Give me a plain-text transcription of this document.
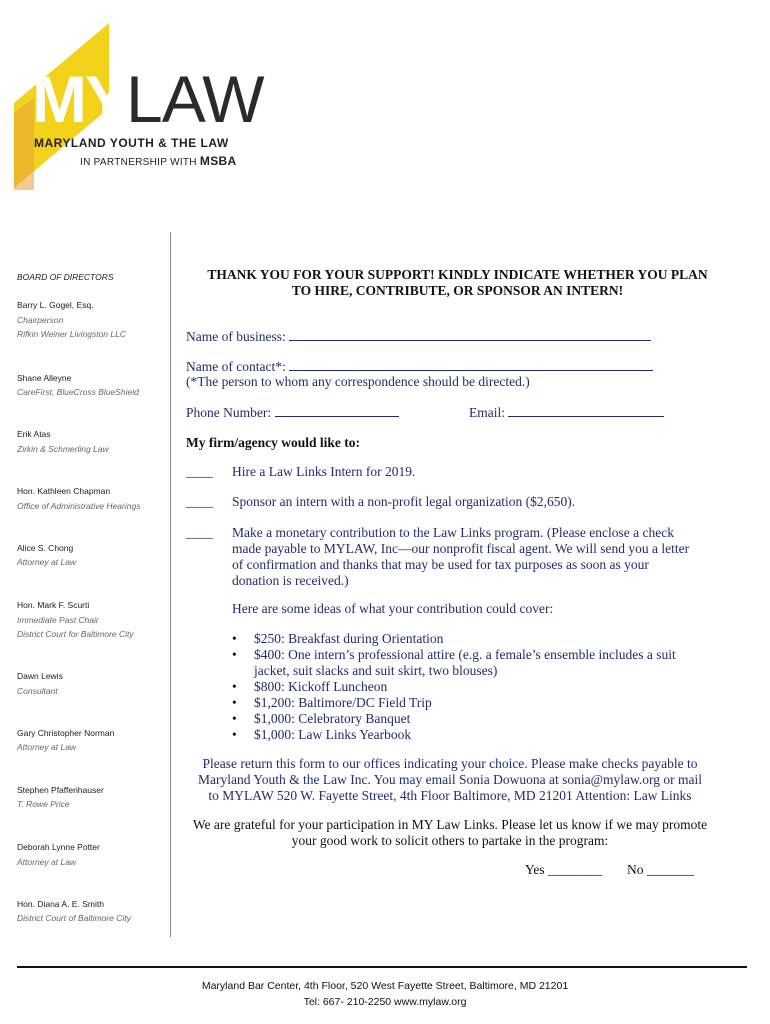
MY LAW
MARYLAND YOUTH & THE LAW
IN PARTNERSHIP WITH MSBA
BOARD OF DIRECTORS
Barry L. Gogel, Esq.
Chairperson
Rifkin Weiner Livingston LLC
Shane Alleyne
CareFirst, BlueCross BlueShield
Erik Atas
Zirkin & Schmerling Law
Hon. Kathleen Chapman
Office of Administrative Hearings
Alice S. Chong
Attorney at Law
Hon. Mark F. Scurti
Immediate Past Chair
District Court for Baltimore City
Dawn Lewis
Consultant
Gary Christopher Norman
Attorney at Law
Stephen Pfaffenhauser
T. Rowe Price
Deborah Lynne Potter
Attorney at Law
Hon. Diana A. E. Smith
District Court of Baltimore City
THANK YOU FOR YOUR SUPPORT! KINDLY INDICATE WHETHER YOU PLAN
TO HIRE, CONTRIBUTE, OR SPONSOR AN INTERN!
Name of business:
Name of contact*:
(*The person to whom any correspondence should be directed.)
Phone Number:	Email:
My firm/agency would like to:
____ Hire a Law Links Intern for 2019.
____ Sponsor an intern with a non-profit legal organization ($2,650).
____ Make a monetary contribution to the Law Links program. (Please enclose a check
made payable to MYLAW, Inc—our nonprofit fiscal agent. We will send you a letter
of confirmation and thanks that may be used for tax purposes as soon as your
donation is received.)
Here are some ideas of what your contribution could cover:
• $250: Breakfast during Orientation
• $400: One intern’s professional attire (e.g. a female’s ensemble includes a suit
jacket, suit slacks and suit skirt, two blouses)
• $800: Kickoff Luncheon
• $1,200: Baltimore/DC Field Trip
• $1,000: Celebratory Banquet
• $1,000: Law Links Yearbook
Please return this form to our offices indicating your choice. Please make checks payable to
Maryland Youth & the Law Inc. You may email Sonia Dowuona at sonia@mylaw.org or mail
to MYLAW 520 W. Fayette Street, 4th Floor Baltimore, MD 21201 Attention: Law Links
We are grateful for your participation in MY Law Links. Please let us know if we may promote
your good work to solicit others to partake in the program:
Yes ________ No _______
Maryland Bar Center, 4th Floor, 520 West Fayette Street, Baltimore, MD 21201
Tel: 667- 210-2250 www.mylaw.org
